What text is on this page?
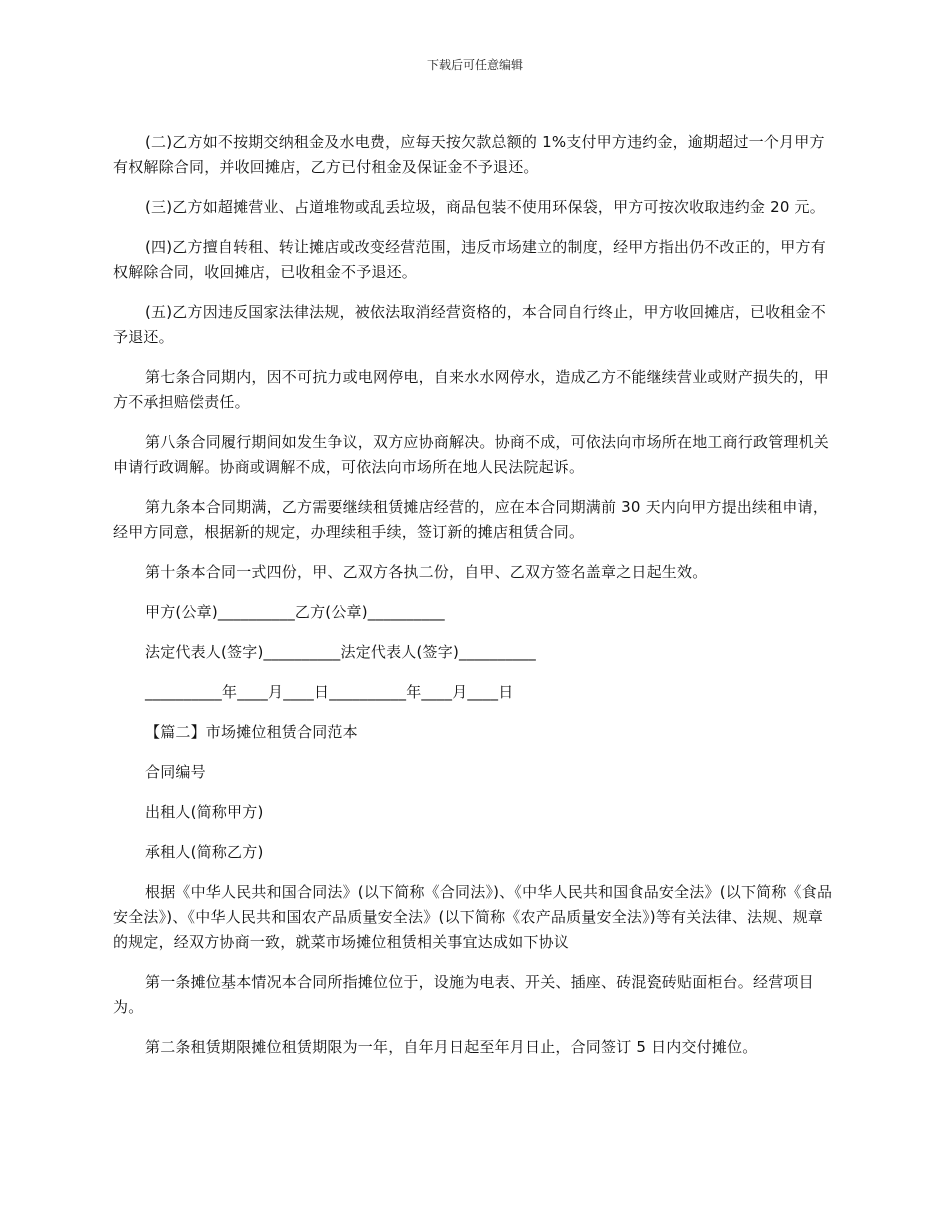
下载后可任意编辑

(二)乙方如不按期交纳租金及水电费，应每天按欠款总额的 1%支付甲方违约金，逾期超过一个月甲方有权解除合同，并收回摊店，乙方已付租金及保证金不予退还。

(三)乙方如超摊营业、占道堆物或乱丢垃圾，商品包装不使用环保袋，甲方可按次收取违约金 20 元。

(四)乙方擅自转租、转让摊店或改变经营范围，违反市场建立的制度，经甲方指出仍不改正的，甲方有权解除合同，收回摊店，已收租金不予退还。

(五)乙方因违反国家法律法规，被依法取消经营资格的，本合同自行终止，甲方收回摊店，已收租金不予退还。

第七条合同期内，因不可抗力或电网停电，自来水水网停水，造成乙方不能继续营业或财产损失的，甲方不承担赔偿责任。

第八条合同履行期间如发生争议，双方应协商解决。协商不成，可依法向市场所在地工商行政管理机关申请行政调解。协商或调解不成，可依法向市场所在地人民法院起诉。

第九条本合同期满，乙方需要继续租赁摊店经营的，应在本合同期满前 30 天内向甲方提出续租申请，经甲方同意，根据新的规定，办理续租手续，签订新的摊店租赁合同。

第十条本合同一式四份，甲、乙双方各执二份，自甲、乙双方签名盖章之日起生效。

甲方(公章)__________乙方(公章)__________

法定代表人(签字)__________法定代表人(签字)__________

__________年____月____日__________年____月____日

【篇二】市场摊位租赁合同范本

合同编号

出租人(简称甲方)

承租人(简称乙方)

根据《中华人民共和国合同法》(以下简称《合同法》)、《中华人民共和国食品安全法》(以下简称《食品安全法》)、《中华人民共和国农产品质量安全法》(以下简称《农产品质量安全法》)等有关法律、法规、规章的规定，经双方协商一致，就菜市场摊位租赁相关事宜达成如下协议

第一条摊位基本情况本合同所指摊位位于，设施为电表、开关、插座、砖混瓷砖贴面柜台。经营项目为。

第二条租赁期限摊位租赁期限为一年，自年月日起至年月日止，合同签订 5 日内交付摊位。
